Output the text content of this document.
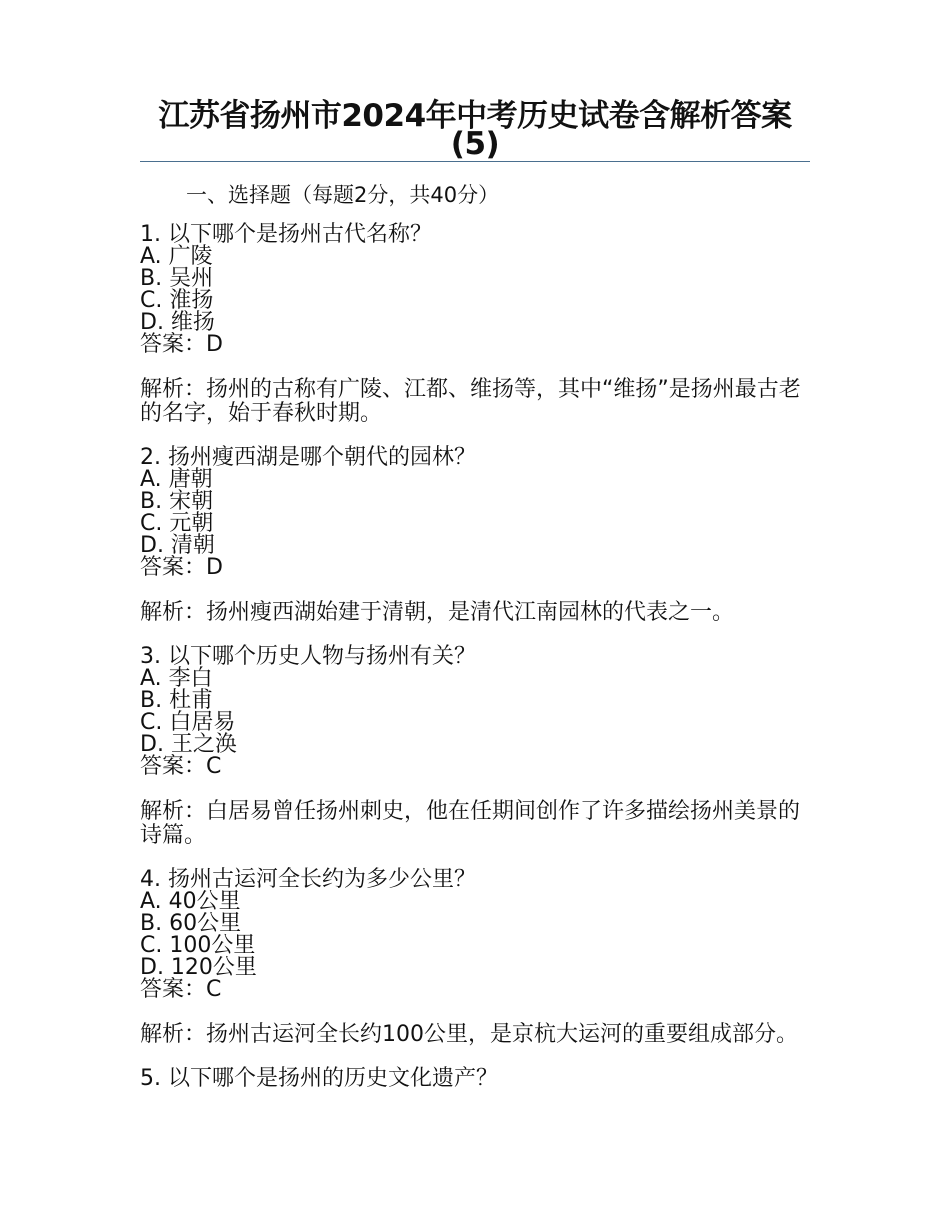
江苏省扬州市2024年中考历史试卷含解析答案(5)

一、选择题（每题2分，共40分）

1. 以下哪个是扬州古代名称？

A. 广陵

B. 吴州

C. 淮扬

D. 维扬

答案：D

解析：扬州的古称有广陵、江都、维扬等，其中“维扬”是扬州最古老的名字，始于春秋时期。

2. 扬州瘦西湖是哪个朝代的园林？

A. 唐朝

B. 宋朝

C. 元朝

D. 清朝

答案：D

解析：扬州瘦西湖始建于清朝，是清代江南园林的代表之一。

3. 以下哪个历史人物与扬州有关？

A. 李白

B. 杜甫

C. 白居易

D. 王之涣

答案：C

解析：白居易曾任扬州刺史，他在任期间创作了许多描绘扬州美景的诗篇。

4. 扬州古运河全长约为多少公里？

A. 40公里

B. 60公里

C. 100公里

D. 120公里

答案：C

解析：扬州古运河全长约100公里，是京杭大运河的重要组成部分。

5. 以下哪个是扬州的历史文化遗产？
